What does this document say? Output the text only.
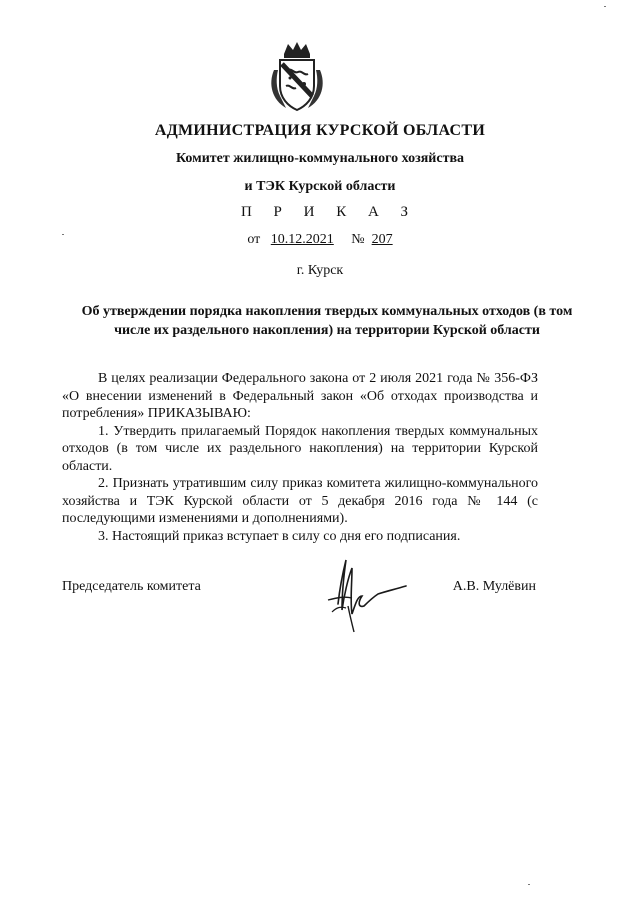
АДМИНИСТРАЦИЯ КУРСКОЙ ОБЛАСТИ
Комитет жилищно-коммунального хозяйства
и ТЭК Курской области
П Р И К А З
от 10.12.2021 № 207
г. Курск
Об утверждении порядка накопления твердых коммунальных отходов (в том числе их раздельного накопления) на территории Курской области

В целях реализации Федерального закона от 2 июля 2021 года № 356-ФЗ «О внесении изменений в Федеральный закон «Об отходах производства и потребления» ПРИКАЗЫВАЮ:

1. Утвердить прилагаемый Порядок накопления твердых коммунальных отходов (в том числе их раздельного накопления) на территории Курской области.

2. Признать утратившим силу приказ комитета жилищно-коммунального хозяйства и ТЭК Курской области от 5 декабря 2016 года № 144 (с последующими изменениями и дополнениями).

3. Настоящий приказ вступает в силу со дня его подписания.

Председатель комитета	А.В. Мулёвин
